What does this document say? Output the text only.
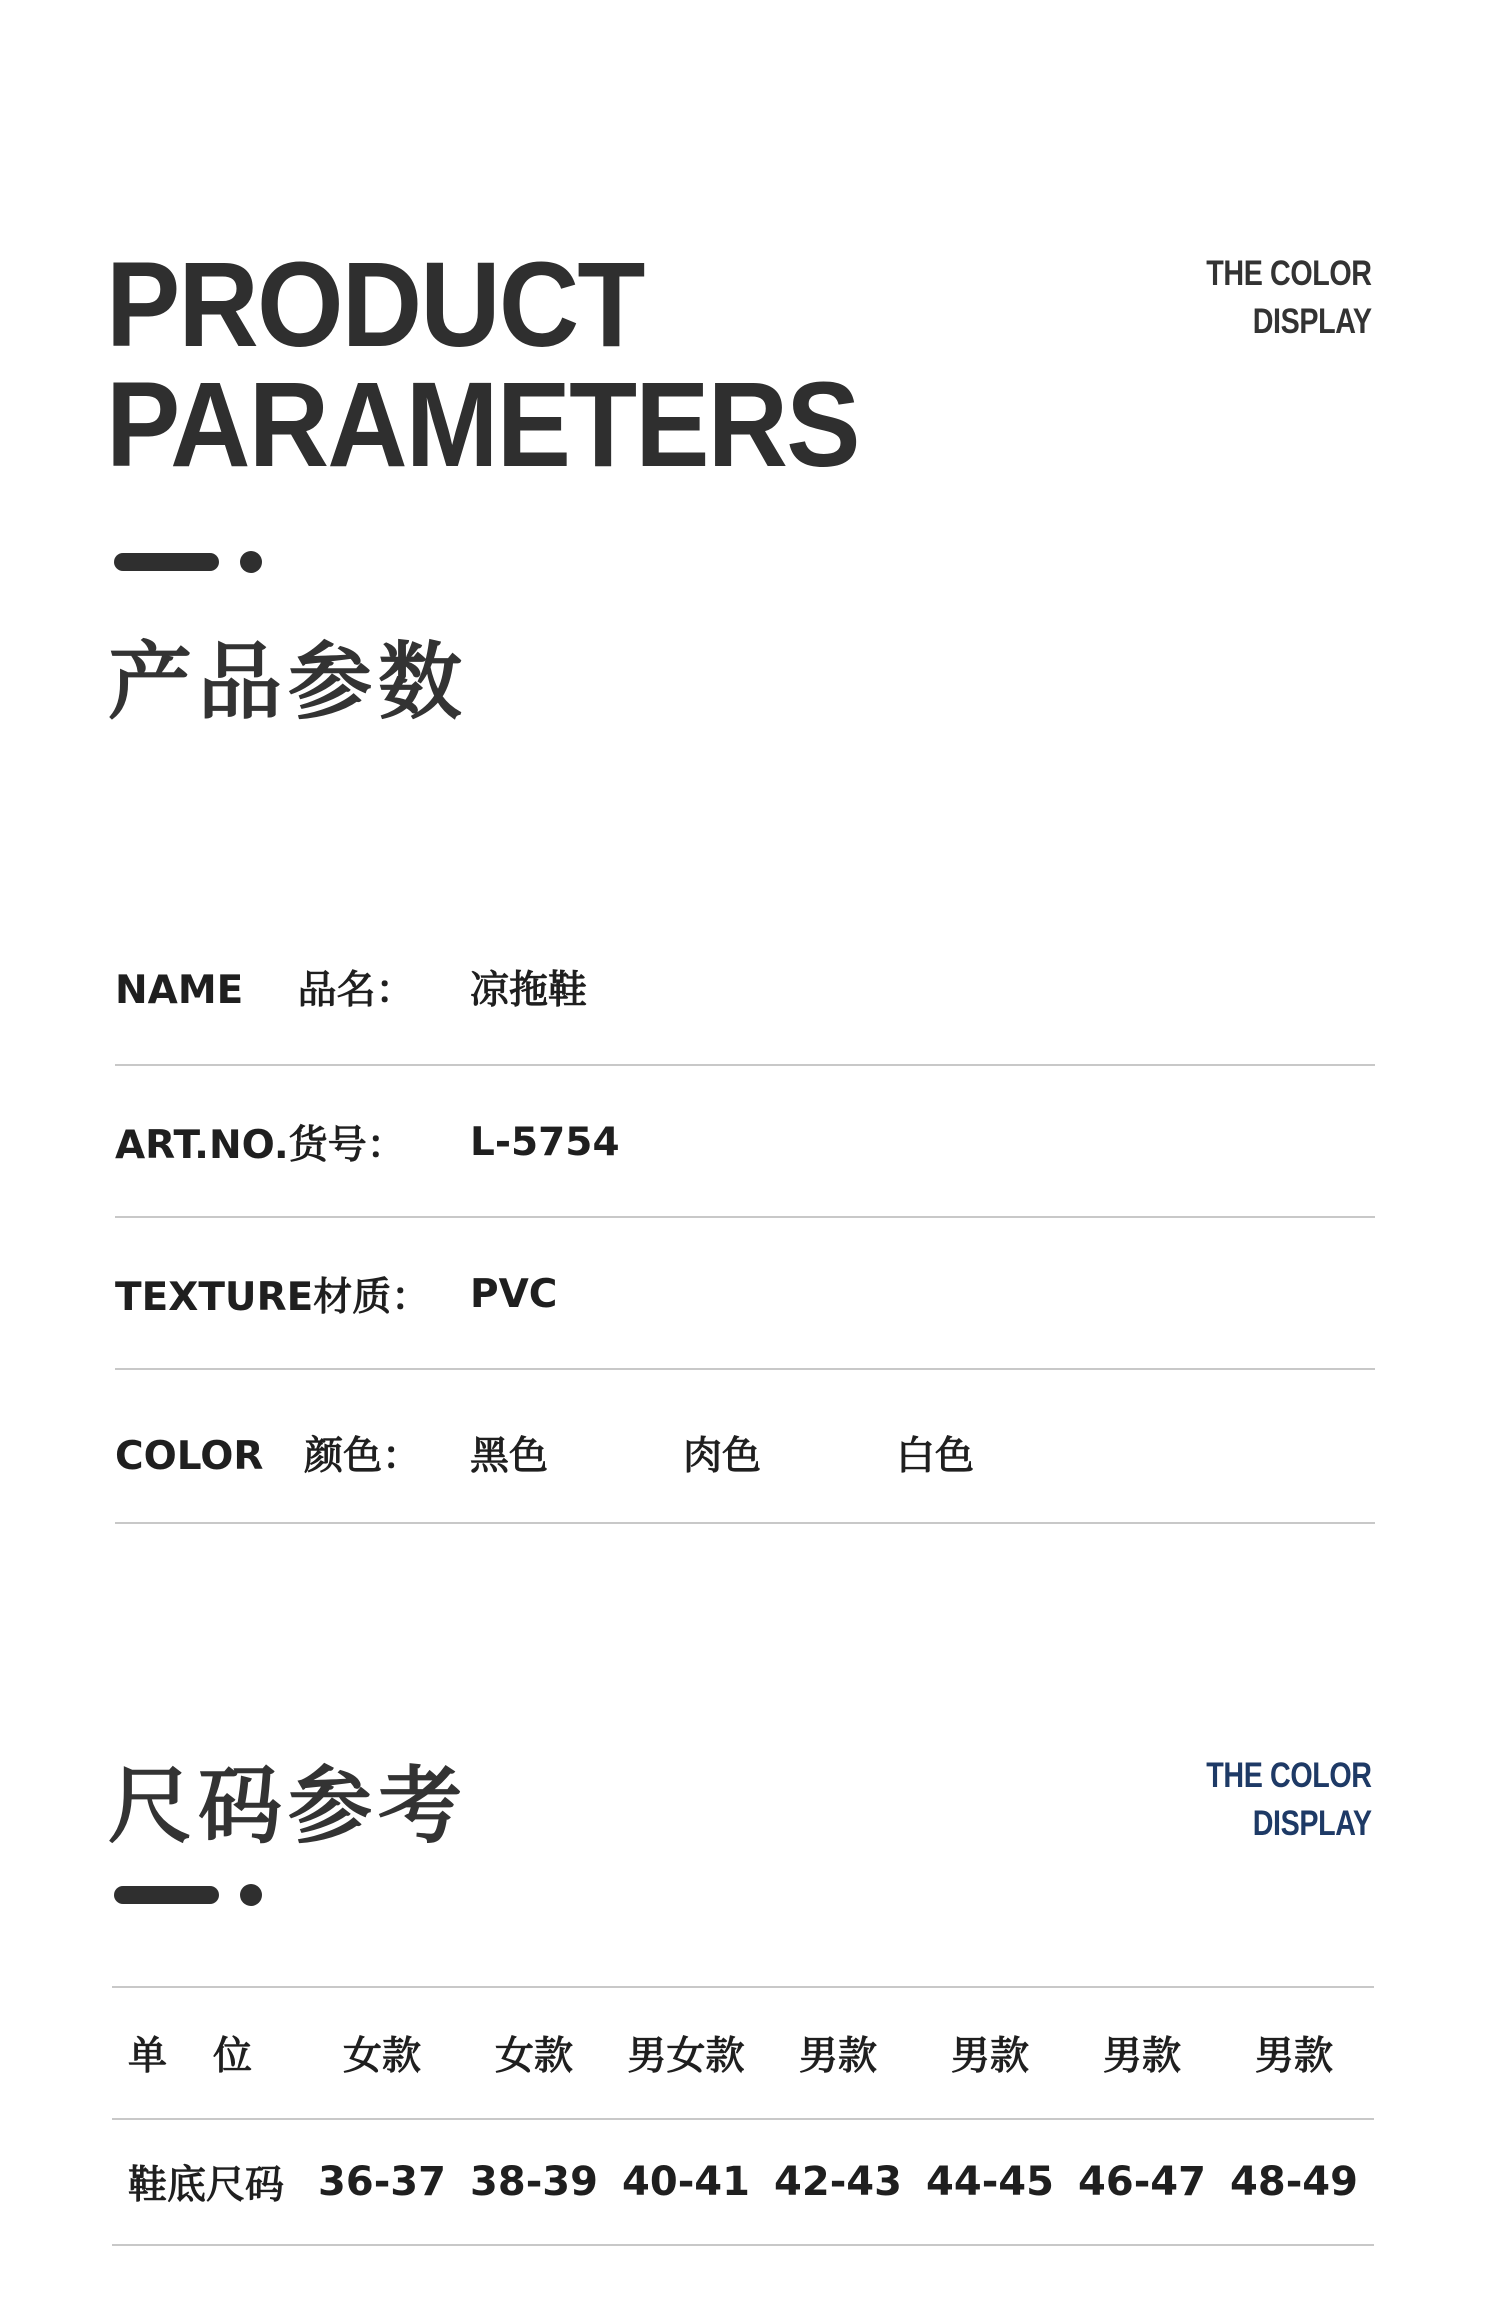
PRODUCT
PARAMETERS
THE COLOR
DISPLAY
产品参数
NAME    品名： 凉拖鞋
ART.NO.货号： L-5754
TEXTURE材质： PVC
COLOR   颜色： 黑色	肉色	白色
尺码参考	THE COLOR
DISPLAY
单位	女款	女款	男女款	男款	男款	男款	男款
鞋底尺码 36-37 38-39 40-41 42-43 44-45 46-47 48-49
